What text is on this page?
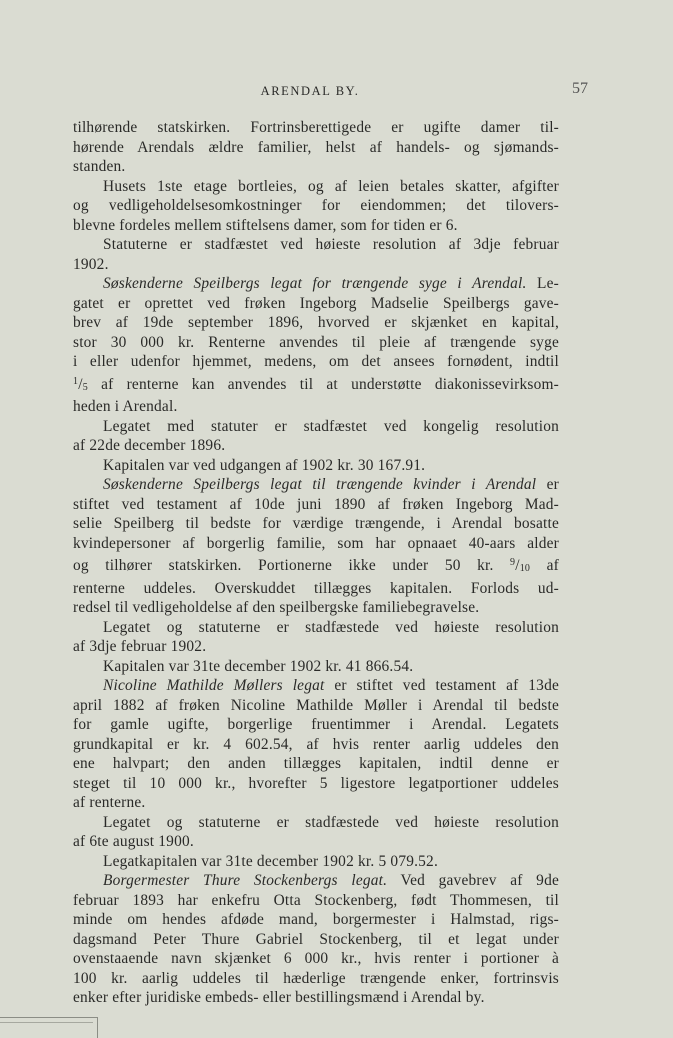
ARENDAL BY.	57

tilhørende statskirken. Fortrinsberettigede er ugifte damer til-
hørende Arendals ældre familier, helst af handels- og sjømands-
standen.

Husets 1ste etage bortleies, og af leien betales skatter, afgifter
og vedligeholdelsesomkostninger for eiendommen; det tilovers-
blevne fordeles mellem stiftelsens damer, som for tiden er 6.

Statuterne er stadfæstet ved høieste resolution af 3dje februar
1902.

Søskenderne Speilbergs legat for trængende syge i Arendal. Le-
gatet er oprettet ved frøken Ingeborg Madselie Speilbergs gave-
brev af 19de september 1896, hvorved er skjænket en kapital,
stor 30 000 kr. Renterne anvendes til pleie af trængende syge
i eller udenfor hjemmet, medens, om det ansees fornødent, indtil
$^1/_5$ af renterne kan anvendes til at understøtte diakonissevirksom-
heden i Arendal.

Legatet med statuter er stadfæstet ved kongelig resolution
af 22de december 1896.

Kapitalen var ved udgangen af 1902 kr. 30 167.91.

Søskenderne Speilbergs legat til trængende kvinder i Arendal er
stiftet ved testament af 10de juni 1890 af frøken Ingeborg Mad-
selie Speilberg til bedste for værdige trængende, i Arendal bosatte
kvindepersoner af borgerlig familie, som har opnaaet 40-aars alder
og tilhører statskirken. Portionerne ikke under 50 kr. $^9/_{10}$ af
renterne uddeles. Overskuddet tillægges kapitalen. Forlods ud-
redsel til vedligeholdelse af den speilbergske familiebegravelse.

Legatet og statuterne er stadfæstede ved høieste resolution
af 3dje februar 1902.

Kapitalen var 31te december 1902 kr. 41 866.54.

Nicoline Mathilde Møllers legat er stiftet ved testament af 13de
april 1882 af frøken Nicoline Mathilde Møller i Arendal til bedste
for gamle ugifte, borgerlige fruentimmer i Arendal. Legatets
grundkapital er kr. 4 602.54, af hvis renter aarlig uddeles den
ene halvpart; den anden tillægges kapitalen, indtil denne er
steget til 10 000 kr., hvorefter 5 ligestore legatportioner uddeles
af renterne.

Legatet og statuterne er stadfæstede ved høieste resolution
af 6te august 1900.

Legatkapitalen var 31te december 1902 kr. 5 079.52.

Borgermester Thure Stockenbergs legat. Ved gavebrev af 9de
februar 1893 har enkefru Otta Stockenberg, født Thommesen, til
minde om hendes afdøde mand, borgermester i Halmstad, rigs-
dagsmand Peter Thure Gabriel Stockenberg, til et legat under
ovenstaaende navn skjænket 6 000 kr., hvis renter i portioner à
100 kr. aarlig uddeles til hæderlige trængende enker, fortrinsvis
enker efter juridiske embeds- eller bestillingsmænd i Arendal by.
